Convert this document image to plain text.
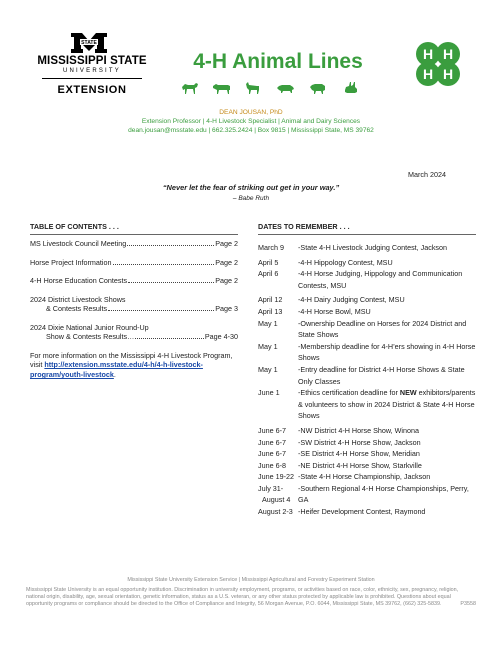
STATE
MISSISSIPPI STATE
UNIVERSITY
EXTENSION
4-H Animal Lines	H H
H H
DEAN JOUSAN, PhD
Extension Professor | 4-H Livestock Specialist | Animal and Dairy Sciences
dean.jousan@msstate.edu | 662.325.2424 | Box 9815 | Mississippi State, MS 39762
March 2024
“Never let the fear of striking out get in your way.”
– Babe Ruth
TABLE OF CONTENTS . . .
MS Livestock Council Meeting	Page 2
Horse Project Information	Page 2
4-H Horse Education Contests	Page 2
2024 District Livestock Shows
& Contests Results	Page 3
2024 Dixie National Junior Round-Up
Show & Contests Results…	Page 4-30
For more information on the Mississippi 4-H Livestock Program, visit http://extension.msstate.edu/4-h/4-h-livestock-program/youth-livestock.
DATES TO REMEMBER . . .
March 9	-State 4-H Livestock Judging Contest, Jackson
April 5	-4-H Hippology Contest, MSU
April 6	-4-H Horse Judging, Hippology and Communication Contests, MSU
April 12	-4-H Dairy Judging Contest, MSU
April 13	-4-H Horse Bowl, MSU
May 1	-Ownership Deadline on Horses for 2024 District and State Shows
May 1	-Membership deadline for 4-H’ers showing in 4-H Horse Shows
May 1	-Entry deadline for District 4-H Horse Shows & State Only Classes
June 1	-Ethics certification deadline for NEW exhibitors/parents & volunteers to show in 2024 District & State 4-H Horse Shows
June 6-7	-NW District 4-H Horse Show, Winona
June 6-7	-SW District 4-H Horse Show, Jackson
June 6-7	-SE District 4-H Horse Show, Meridian
June 6-8	-NE District 4-H Horse Show, Starkville
June 19-22 -State 4-H Horse Championship, Jackson
July 31-
August 4
-Southern Regional 4-H Horse Championships, Perry, GA
August 2-3 -Heifer Development Contest, Raymond
Mississippi State University Extension Service | Mississippi Agricultural and Forestry Experiment Station
Mississippi State University is an equal opportunity institution. Discrimination in university employment, programs, or activities based on race, color, ethnicity, sex, pregnancy, religion, national origin, disability, age, sexual orientation, genetic information, status as a U.S. veteran, or any other status protected by applicable law is prohibited. Questions about equal opportunity programs or compliance should be directed to the Office of Compliance and Integrity, 56 Morgan Avenue, P.O. 6044, Mississippi State, MS 39762, (662) 325-5839.	P3558
